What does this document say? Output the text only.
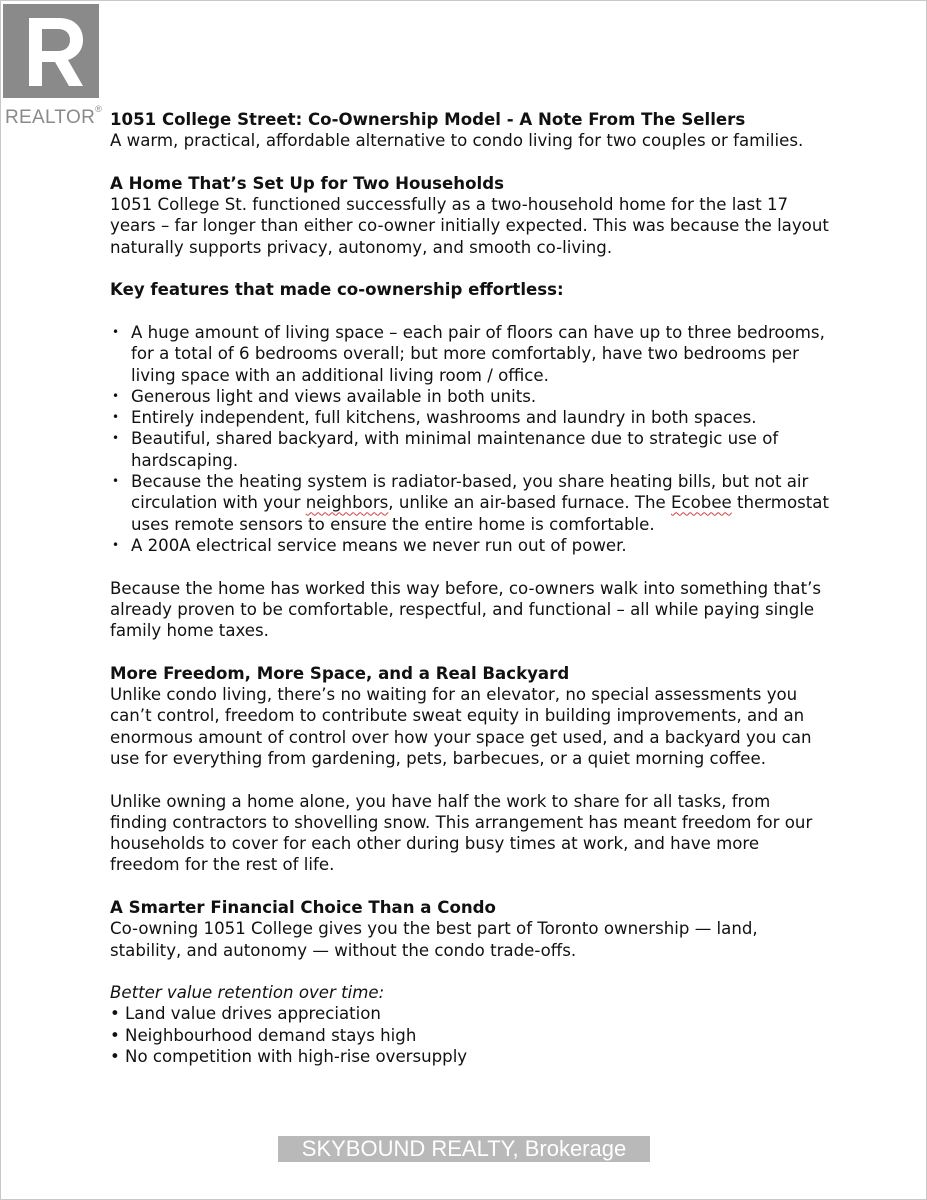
REALTOR®

1051 College Street: Co-Ownership Model - A Note From The Sellers

A warm, practical, affordable alternative to condo living for two couples or families.

A Home That’s Set Up for Two Households

1051 College St. functioned successfully as a two-household home for the last 17 years – far longer than either co-owner initially expected. This was because the layout naturally supports privacy, autonomy, and smooth co-living.

Key features that made co-ownership effortless:

• A huge amount of living space – each pair of floors can have up to three bedrooms, for a total of 6 bedrooms overall; but more comfortably, have two bedrooms per living space with an additional living room / office.
• Generous light and views available in both units.
• Entirely independent, full kitchens, washrooms and laundry in both spaces.
• Beautiful, shared backyard, with minimal maintenance due to strategic use of hardscaping.
• Because the heating system is radiator-based, you share heating bills, but not air circulation with your neighbors, unlike an air-based furnace. The Ecobee thermostat uses remote sensors to ensure the entire home is comfortable.
• A 200A electrical service means we never run out of power.

Because the home has worked this way before, co-owners walk into something that’s already proven to be comfortable, respectful, and functional – all while paying single family home taxes.

More Freedom, More Space, and a Real Backyard

Unlike condo living, there’s no waiting for an elevator, no special assessments you can’t control, freedom to contribute sweat equity in building improvements, and an enormous amount of control over how your space get used, and a backyard you can use for everything from gardening, pets, barbecues, or a quiet morning coffee.

Unlike owning a home alone, you have half the work to share for all tasks, from finding contractors to shovelling snow. This arrangement has meant freedom for our households to cover for each other during busy times at work, and have more freedom for the rest of life.

A Smarter Financial Choice Than a Condo

Co-owning 1051 College gives you the best part of Toronto ownership — land, stability, and autonomy — without the condo trade-offs.

Better value retention over time:

• Land value drives appreciation

• Neighbourhood demand stays high

• No competition with high-rise oversupply

SKYBOUND REALTY, Brokerage
